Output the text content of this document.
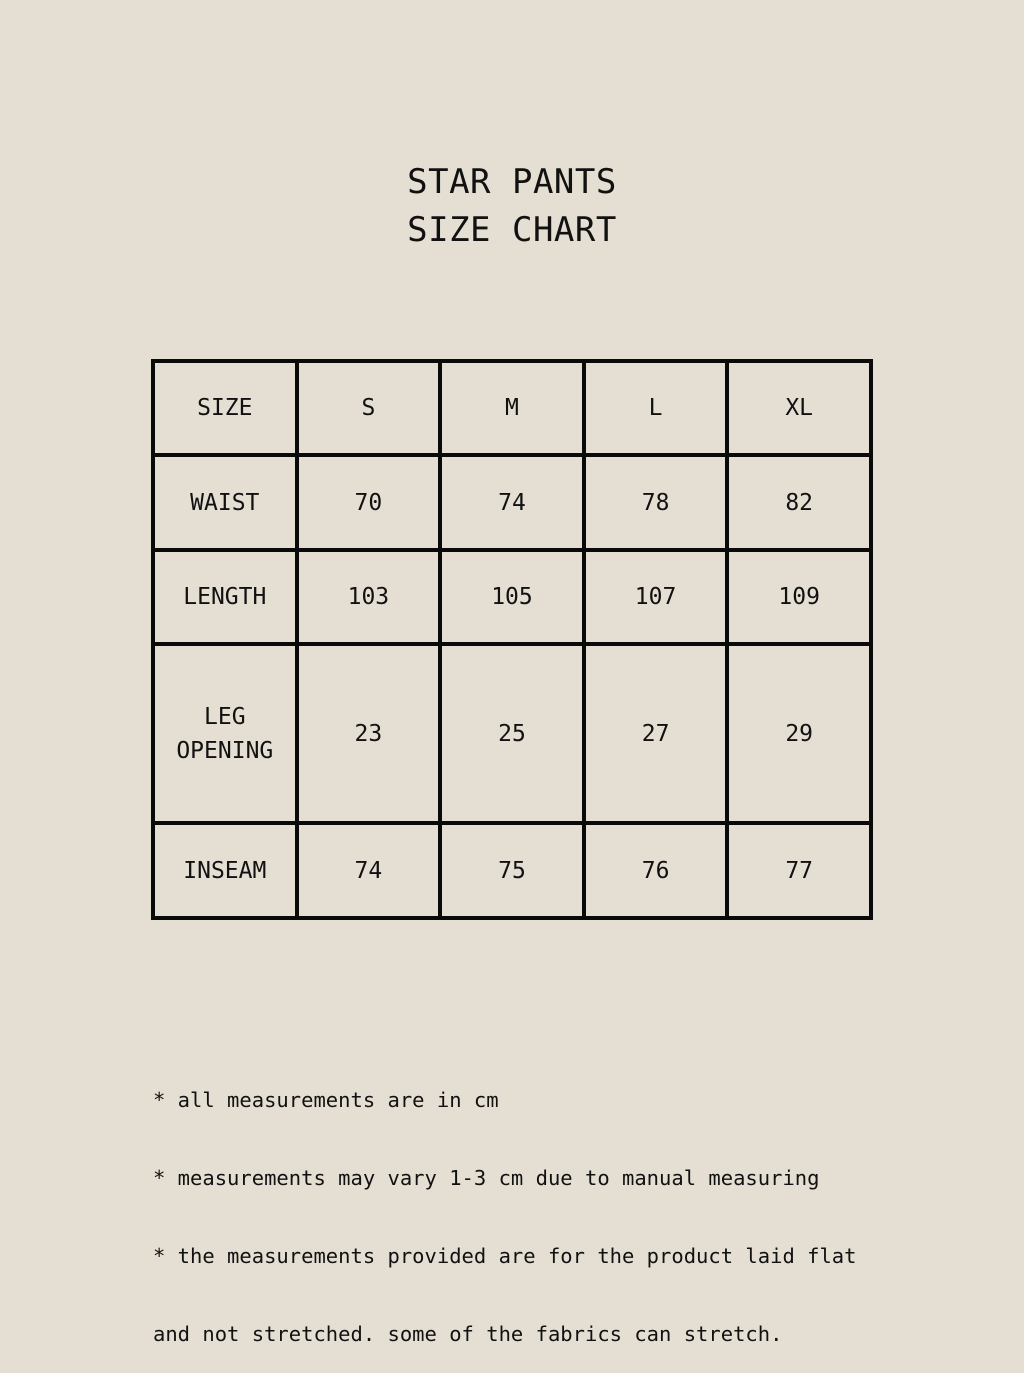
STAR PANTS
SIZE CHART
SIZE	S	M	L	XL
WAIST	70	74	78	82
LENGTH	103	105	107	109

LEG
OPENING	23	25	27	29
INSEAM	74	75	76	77

* all measurements are in cm

* measurements may vary 1-3 cm due to manual measuring

* the measurements provided are for the product laid flat

and not stretched. some of the fabrics can stretch.
